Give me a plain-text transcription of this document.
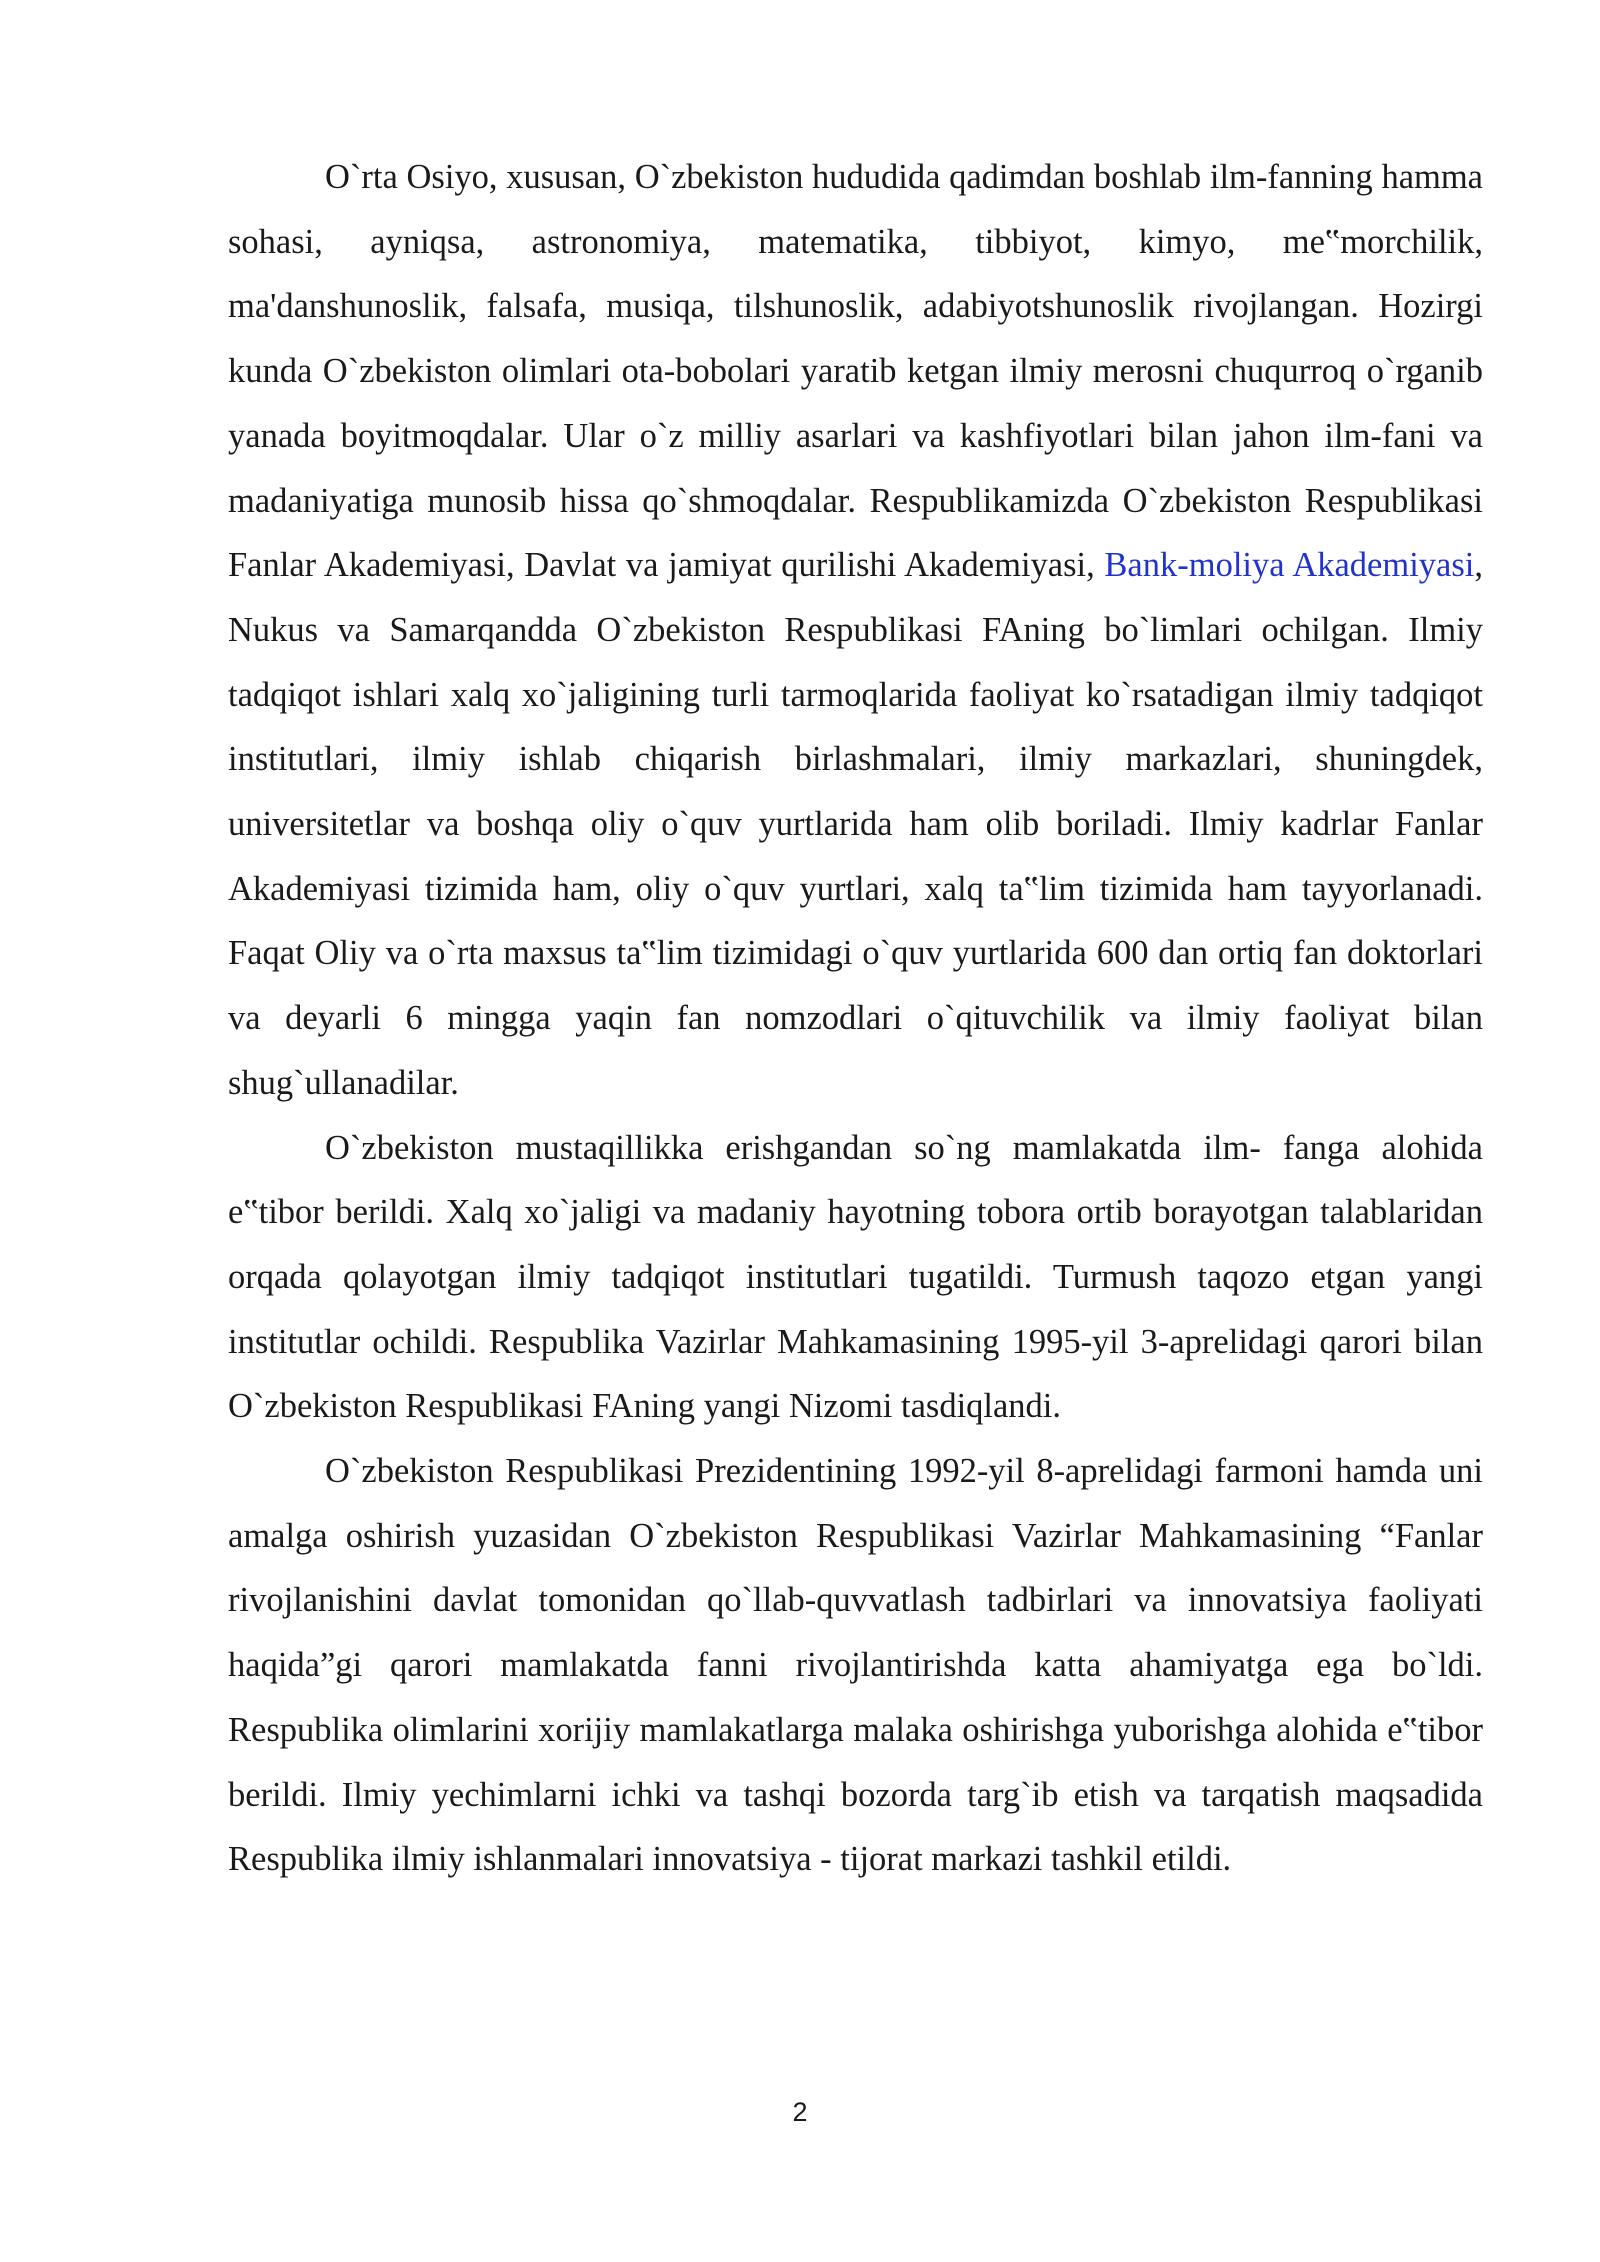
O`rta Osiyo, xususan, O`zbekiston hududida qadimdan boshlab ilm-fanning hamma sohasi, ayniqsa, astronomiya, matematika, tibbiyot, kimyo, me‟morchilik, ma'danshunoslik, falsafa, musiqa, tilshunoslik, adabiyotshunoslik rivojlangan. Hozirgi kunda O`zbekiston olimlari ota-bobolari yaratib ketgan ilmiy merosni chuqurroq o`rganib yanada boyitmoqdalar. Ular o`z milliy asarlari va kashfiyotlari bilan jahon ilm-fani va madaniyatiga munosib hissa qo`shmoqdalar. Respublikamizda O`zbekiston Respublikasi Fanlar Akademiyasi, Davlat va jamiyat qurilishi Akademiyasi, Bank-moliya Akademiyasi, Nukus va Samarqandda O`zbekiston Respublikasi FAning bo`limlari ochilgan. Ilmiy tadqiqot ishlari xalq xo`jaligining turli tarmoqlarida faoliyat ko`rsatadigan ilmiy tadqiqot institutlari, ilmiy ishlab chiqarish birlashmalari, ilmiy markazlari, shuningdek, universitetlar va boshqa oliy o`quv yurtlarida ham olib boriladi. Ilmiy kadrlar Fanlar Akademiyasi tizimida ham, oliy o`quv yurtlari, xalq ta‟lim tizimida ham tayyorlanadi. Faqat Oliy va o`rta maxsus ta‟lim tizimidagi o`quv yurtlarida 600 dan ortiq fan doktorlari va deyarli 6 mingga yaqin fan nomzodlari o`qituvchilik va ilmiy faoliyat bilan shug`ullanadilar.

O`zbekiston mustaqillikka erishgandan so`ng mamlakatda ilm- fanga alohida e‟tibor berildi. Xalq xo`jaligi va madaniy hayotning tobora ortib borayotgan talablaridan orqada qolayotgan ilmiy tadqiqot institutlari tugatildi. Turmush taqozo etgan yangi institutlar ochildi. Respublika Vazirlar Mahkamasining 1995-yil 3-aprelidagi qarori bilan O`zbekiston Respublikasi FAning yangi Nizomi tasdiqlandi.

O`zbekiston Respublikasi Prezidentining 1992-yil 8-aprelidagi farmoni hamda uni amalga oshirish yuzasidan O`zbekiston Respublikasi Vazirlar Mahkamasining “Fanlar rivojlanishini davlat tomonidan qo`llab-quvvatlash tadbirlari va innovatsiya faoliyati haqida”gi qarori mamlakatda fanni rivojlantirishda katta ahamiyatga ega bo`ldi. Respublika olimlarini xorijiy mamlakatlarga malaka oshirishga yuborishga alohida e‟tibor berildi. Ilmiy yechimlarni ichki va tashqi bozorda targ`ib etish va tarqatish maqsadida Respublika ilmiy ishlanmalari innovatsiya - tijorat markazi tashkil etildi.

2
